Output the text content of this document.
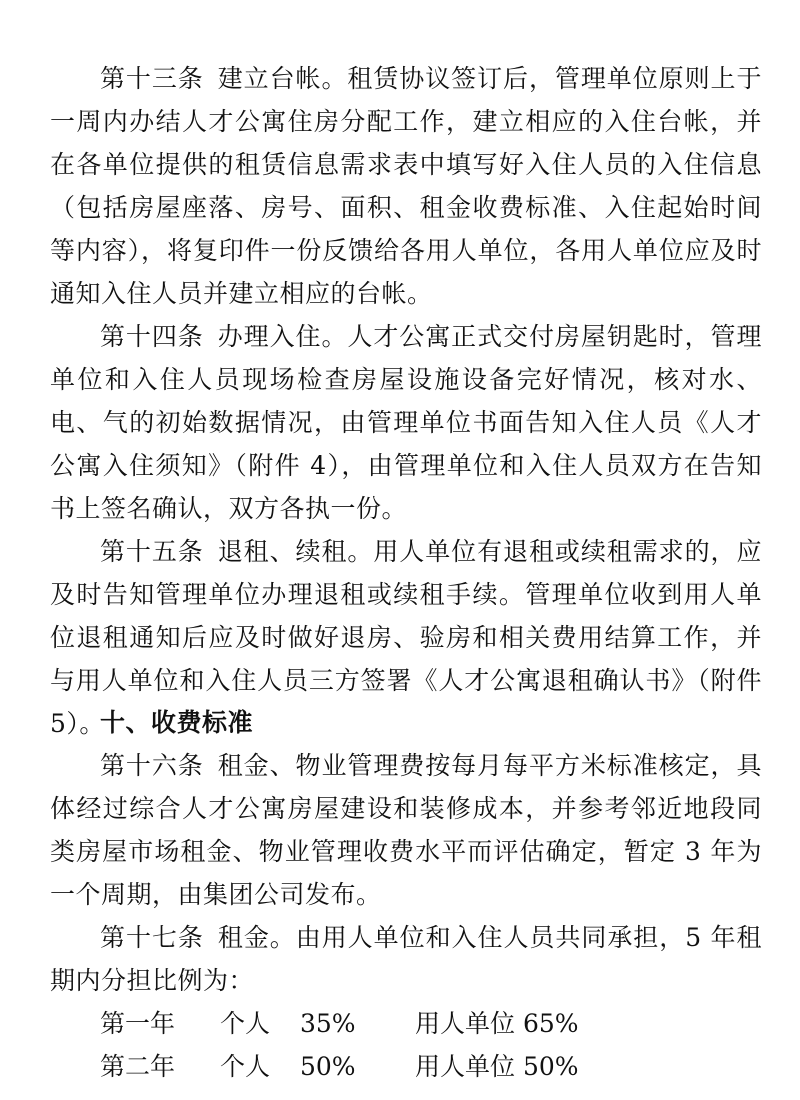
第十三条 建立台帐。租赁协议签订后，管理单位原则上于一周内办结人才公寓住房分配工作，建立相应的入住台帐，并在各单位提供的租赁信息需求表中填写好入住人员的入住信息（包括房屋座落、房号、面积、租金收费标准、入住起始时间等内容），将复印件一份反馈给各用人单位，各用人单位应及时通知入住人员并建立相应的台帐。

第十四条 办理入住。人才公寓正式交付房屋钥匙时，管理单位和入住人员现场检查房屋设施设备完好情况，核对水、电、气的初始数据情况，由管理单位书面告知入住人员《人才公寓入住须知》（附件 4），由管理单位和入住人员双方在告知书上签名确认，双方各执一份。

第十五条 退租、续租。用人单位有退租或续租需求的，应及时告知管理单位办理退租或续租手续。管理单位收到用人单位退租通知后应及时做好退房、验房和相关费用结算工作，并与用人单位和入住人员三方签署《人才公寓退租确认书》（附件 5）。

十、收费标准

第十六条 租金、物业管理费按每月每平方米标准核定，具体经过综合人才公寓房屋建设和装修成本，并参考邻近地段同类房屋市场租金、物业管理收费水平而评估确定，暂定 3 年为一个周期，由集团公司发布。

第十七条 租金。由用人单位和入住人员共同承担，5 年租期内分担比例为：

第一年 个人 35% 用人单位 65%
第二年 个人 50% 用人单位 50%
